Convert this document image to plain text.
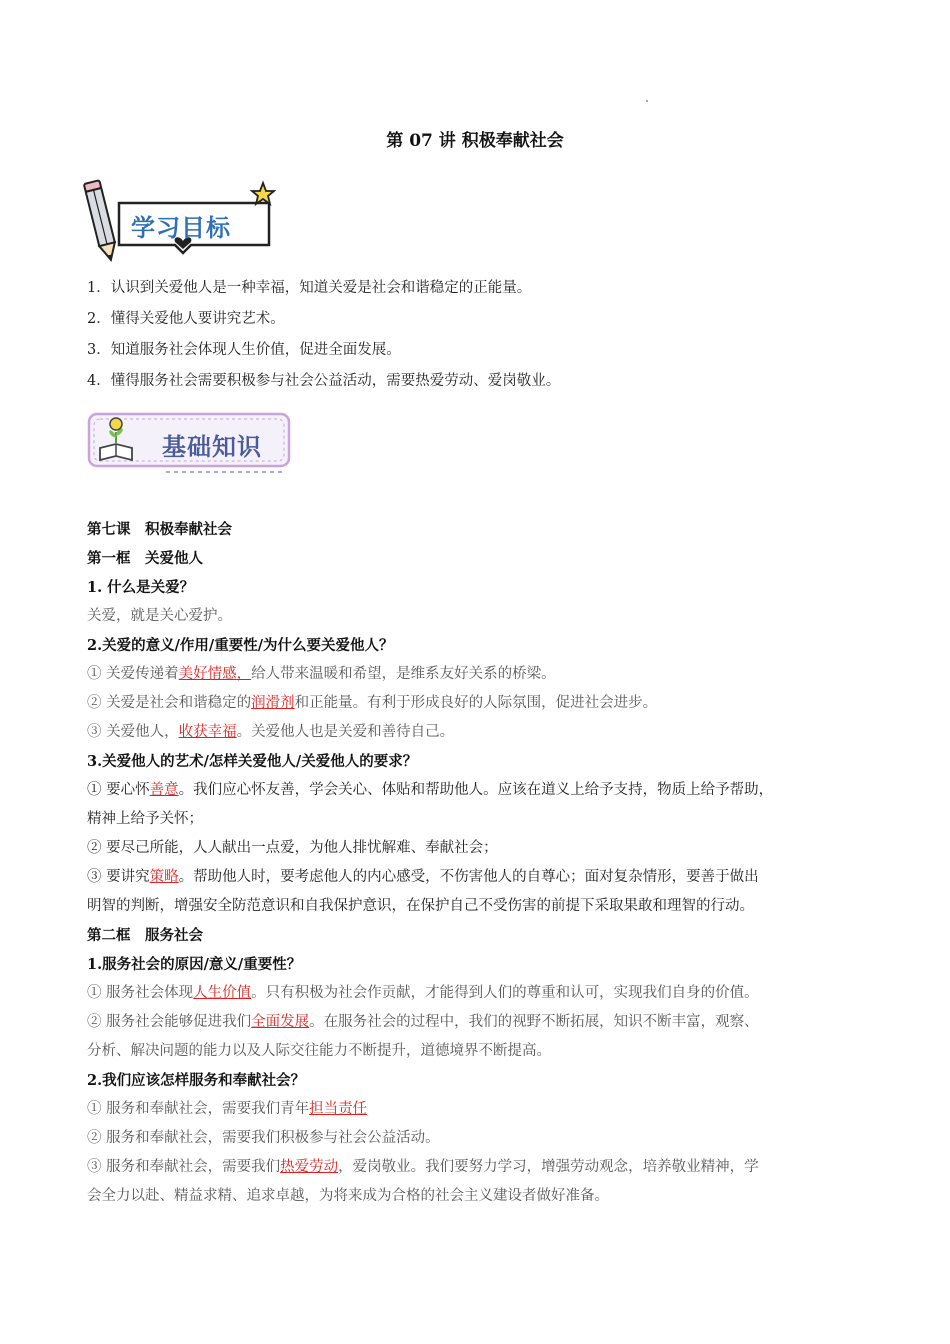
第 07 讲 积极奉献社会
学习目标
1．认识到关爱他人是一种幸福，知道关爱是社会和谐稳定的正能量。
2．懂得关爱他人要讲究艺术。
3．知道服务社会体现人生价值，促进全面发展。
4．懂得服务社会需要积极参与社会公益活动，需要热爱劳动、爱岗敬业。
基础知识
第七课　积极奉献社会
第一框　关爱他人
1. 什么是关爱？
关爱，就是关心爱护。
2.关爱的意义/作用/重要性/为什么要关爱他人？
① 关爱传递着美好情感，给人带来温暖和希望，是维系友好关系的桥梁。
② 关爱是社会和谐稳定的润滑剂和正能量。有利于形成良好的人际氛围，促进社会进步。
③ 关爱他人，收获幸福。关爱他人也是关爱和善待自己。
3.关爱他人的艺术/怎样关爱他人/关爱他人的要求？
① 要心怀善意。我们应心怀友善，学会关心、体贴和帮助他人。应该在道义上给予支持，物质上给予帮助，
精神上给予关怀；
② 要尽己所能，人人献出一点爱，为他人排忧解难、奉献社会；
③ 要讲究策略。帮助他人时，要考虑他人的内心感受，不伤害他人的自尊心；面对复杂情形，要善于做出
明智的判断，增强安全防范意识和自我保护意识，在保护自己不受伤害的前提下采取果敢和理智的行动。
第二框　服务社会
1.服务社会的原因/意义/重要性？
① 服务社会体现人生价值。只有积极为社会作贡献，才能得到人们的尊重和认可，实现我们自身的价值。
② 服务社会能够促进我们全面发展。在服务社会的过程中，我们的视野不断拓展，知识不断丰富，观察、
分析、解决问题的能力以及人际交往能力不断提升，道德境界不断提高。
2.我们应该怎样服务和奉献社会？
① 服务和奉献社会，需要我们青年担当责任
② 服务和奉献社会，需要我们积极参与社会公益活动。
③ 服务和奉献社会，需要我们热爱劳动，爱岗敬业。我们要努力学习，增强劳动观念，培养敬业精神，学
会全力以赴、精益求精、追求卓越，为将来成为合格的社会主义建设者做好准备。
